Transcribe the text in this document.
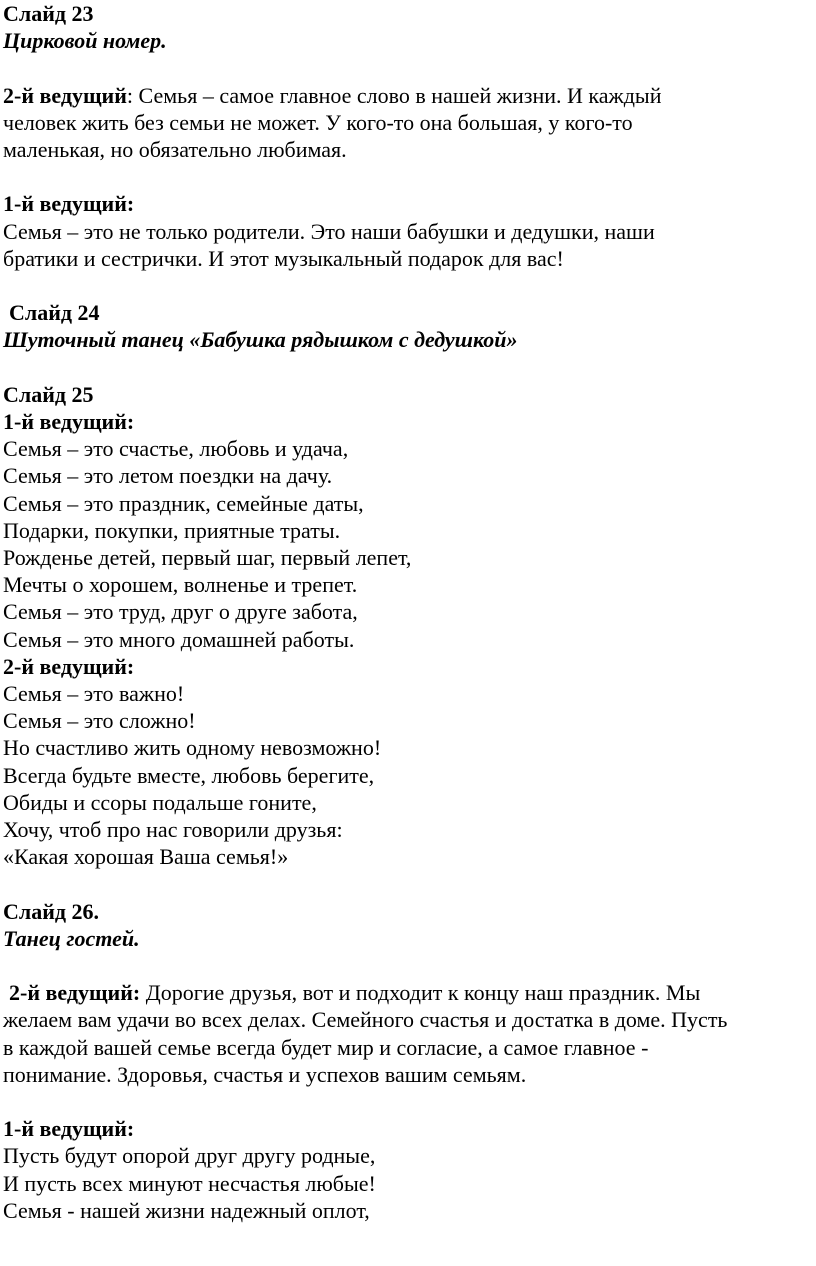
Слайд 23
Цирковой номер.
2-й ведущий: Семья – самое главное слово в нашей жизни. И каждый
человек жить без семьи не может. У кого-то она большая, у кого-то
маленькая, но обязательно любимая.
1-й ведущий:
Семья – это не только родители. Это наши бабушки и дедушки, наши
братики и сестрички. И этот музыкальный подарок для вас!
Слайд 24
Шуточный танец «Бабушка рядышком с дедушкой»
Слайд 25
1-й ведущий:
Семья – это счастье, любовь и удача,
Семья – это летом поездки на дачу.
Семья – это праздник, семейные даты,
Подарки, покупки, приятные траты.
Рожденье детей, первый шаг, первый лепет,
Мечты о хорошем, волненье и трепет.
Семья – это труд, друг о друге забота,
Семья – это много домашней работы.
2-й ведущий:
Семья – это важно!
Семья – это сложно!
Но счастливо жить одному невозможно!
Всегда будьте вместе, любовь берегите,
Обиды и ссоры подальше гоните,
Хочу, чтоб про нас говорили друзья:
«Какая хорошая Ваша семья!»
Слайд 26.
Танец гостей.
2-й ведущий: Дорогие друзья, вот и подходит к концу наш праздник. Мы
желаем вам удачи во всех делах. Семейного счастья и достатка в доме. Пусть
в каждой вашей семье всегда будет мир и согласие, а самое главное -
понимание. Здоровья, счастья и успехов вашим семьям.
1-й ведущий:
Пусть будут опорой друг другу родные,
И пусть всех минуют несчастья любые!
Семья - нашей жизни надежный оплот,
